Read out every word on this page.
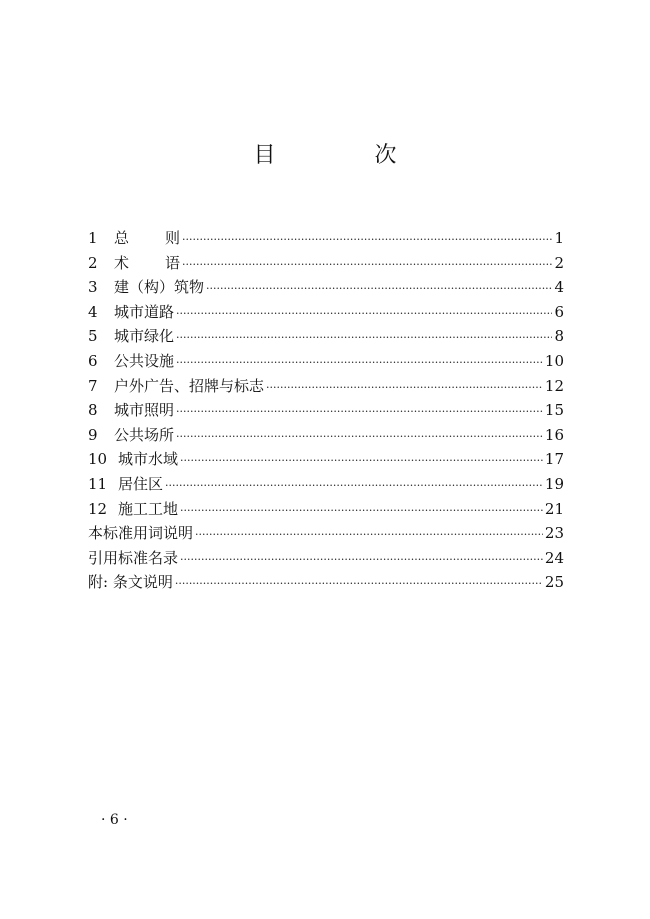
目 次
1	总 则 ·····	1
2	术 语 ·····	2
3	建（构）筑物 ·····	4
4	城市道路 ·····	6
5	城市绿化 ·····	8
6	公共设施 ·····	10
7	户外广告、招牌与标志 ·····	12
8	城市照明 ·····	15
9	公共场所 ·····	16
10 城市水域 ·····	17
11 居住区 ·····	19
12 施工工地 ·····	21
本标准用词说明 ·····	23
引用标准名录 ·····	24
附: 条文说明 ·····	25
· 6 ·
